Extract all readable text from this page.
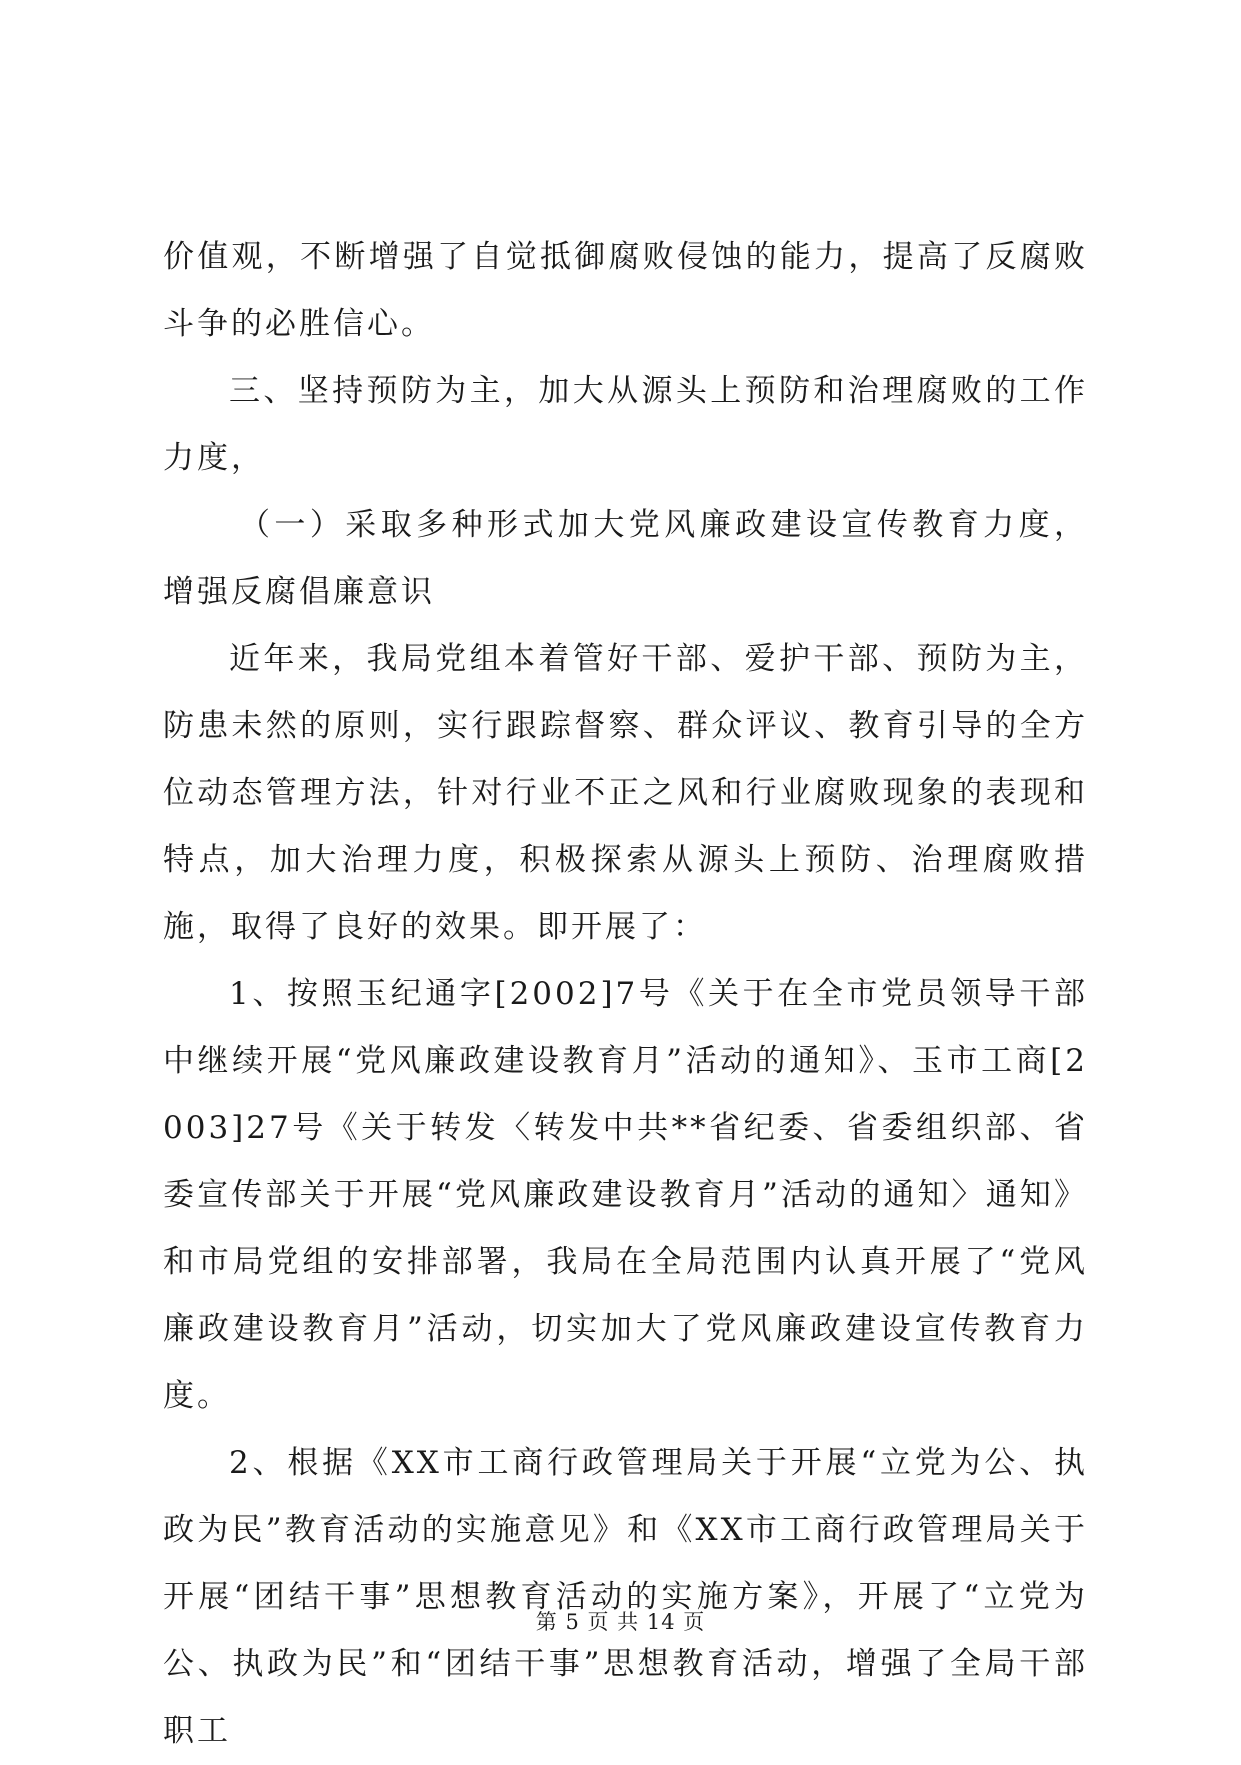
价值观，不断增强了自觉抵御腐败侵蚀的能力，提高了反腐败斗争的必胜信心。

三、坚持预防为主，加大从源头上预防和治理腐败的工作力度，

（一）采取多种形式加大党风廉政建设宣传教育力度，增强反腐倡廉意识

近年来，我局党组本着管好干部、爱护干部、预防为主，防患未然的原则，实行跟踪督察、群众评议、教育引导的全方位动态管理方法，针对行业不正之风和行业腐败现象的表现和特点，加大治理力度，积极探索从源头上预防、治理腐败措施，取得了良好的效果。即开展了：

1、按照玉纪通字[2002]7号《关于在全市党员领导干部中继续开展“党风廉政建设教育月”活动的通知》、玉市工商[2003]27号《关于转发〈转发中共**省纪委、省委组织部、省委宣传部关于开展“党风廉政建设教育月”活动的通知〉通知》和市局党组的安排部署，我局在全局范围内认真开展了“党风廉政建设教育月”活动，切实加大了党风廉政建设宣传教育力度。

2、根据《XX市工商行政管理局关于开展“立党为公、执政为民”教育活动的实施意见》和《XX市工商行政管理局关于开展“团结干事”思想教育活动的实施方案》，开展了“立党为公、执政为民”和“团结干事”思想教育活动，增强了全局干部职工

第 5 页 共 14 页
